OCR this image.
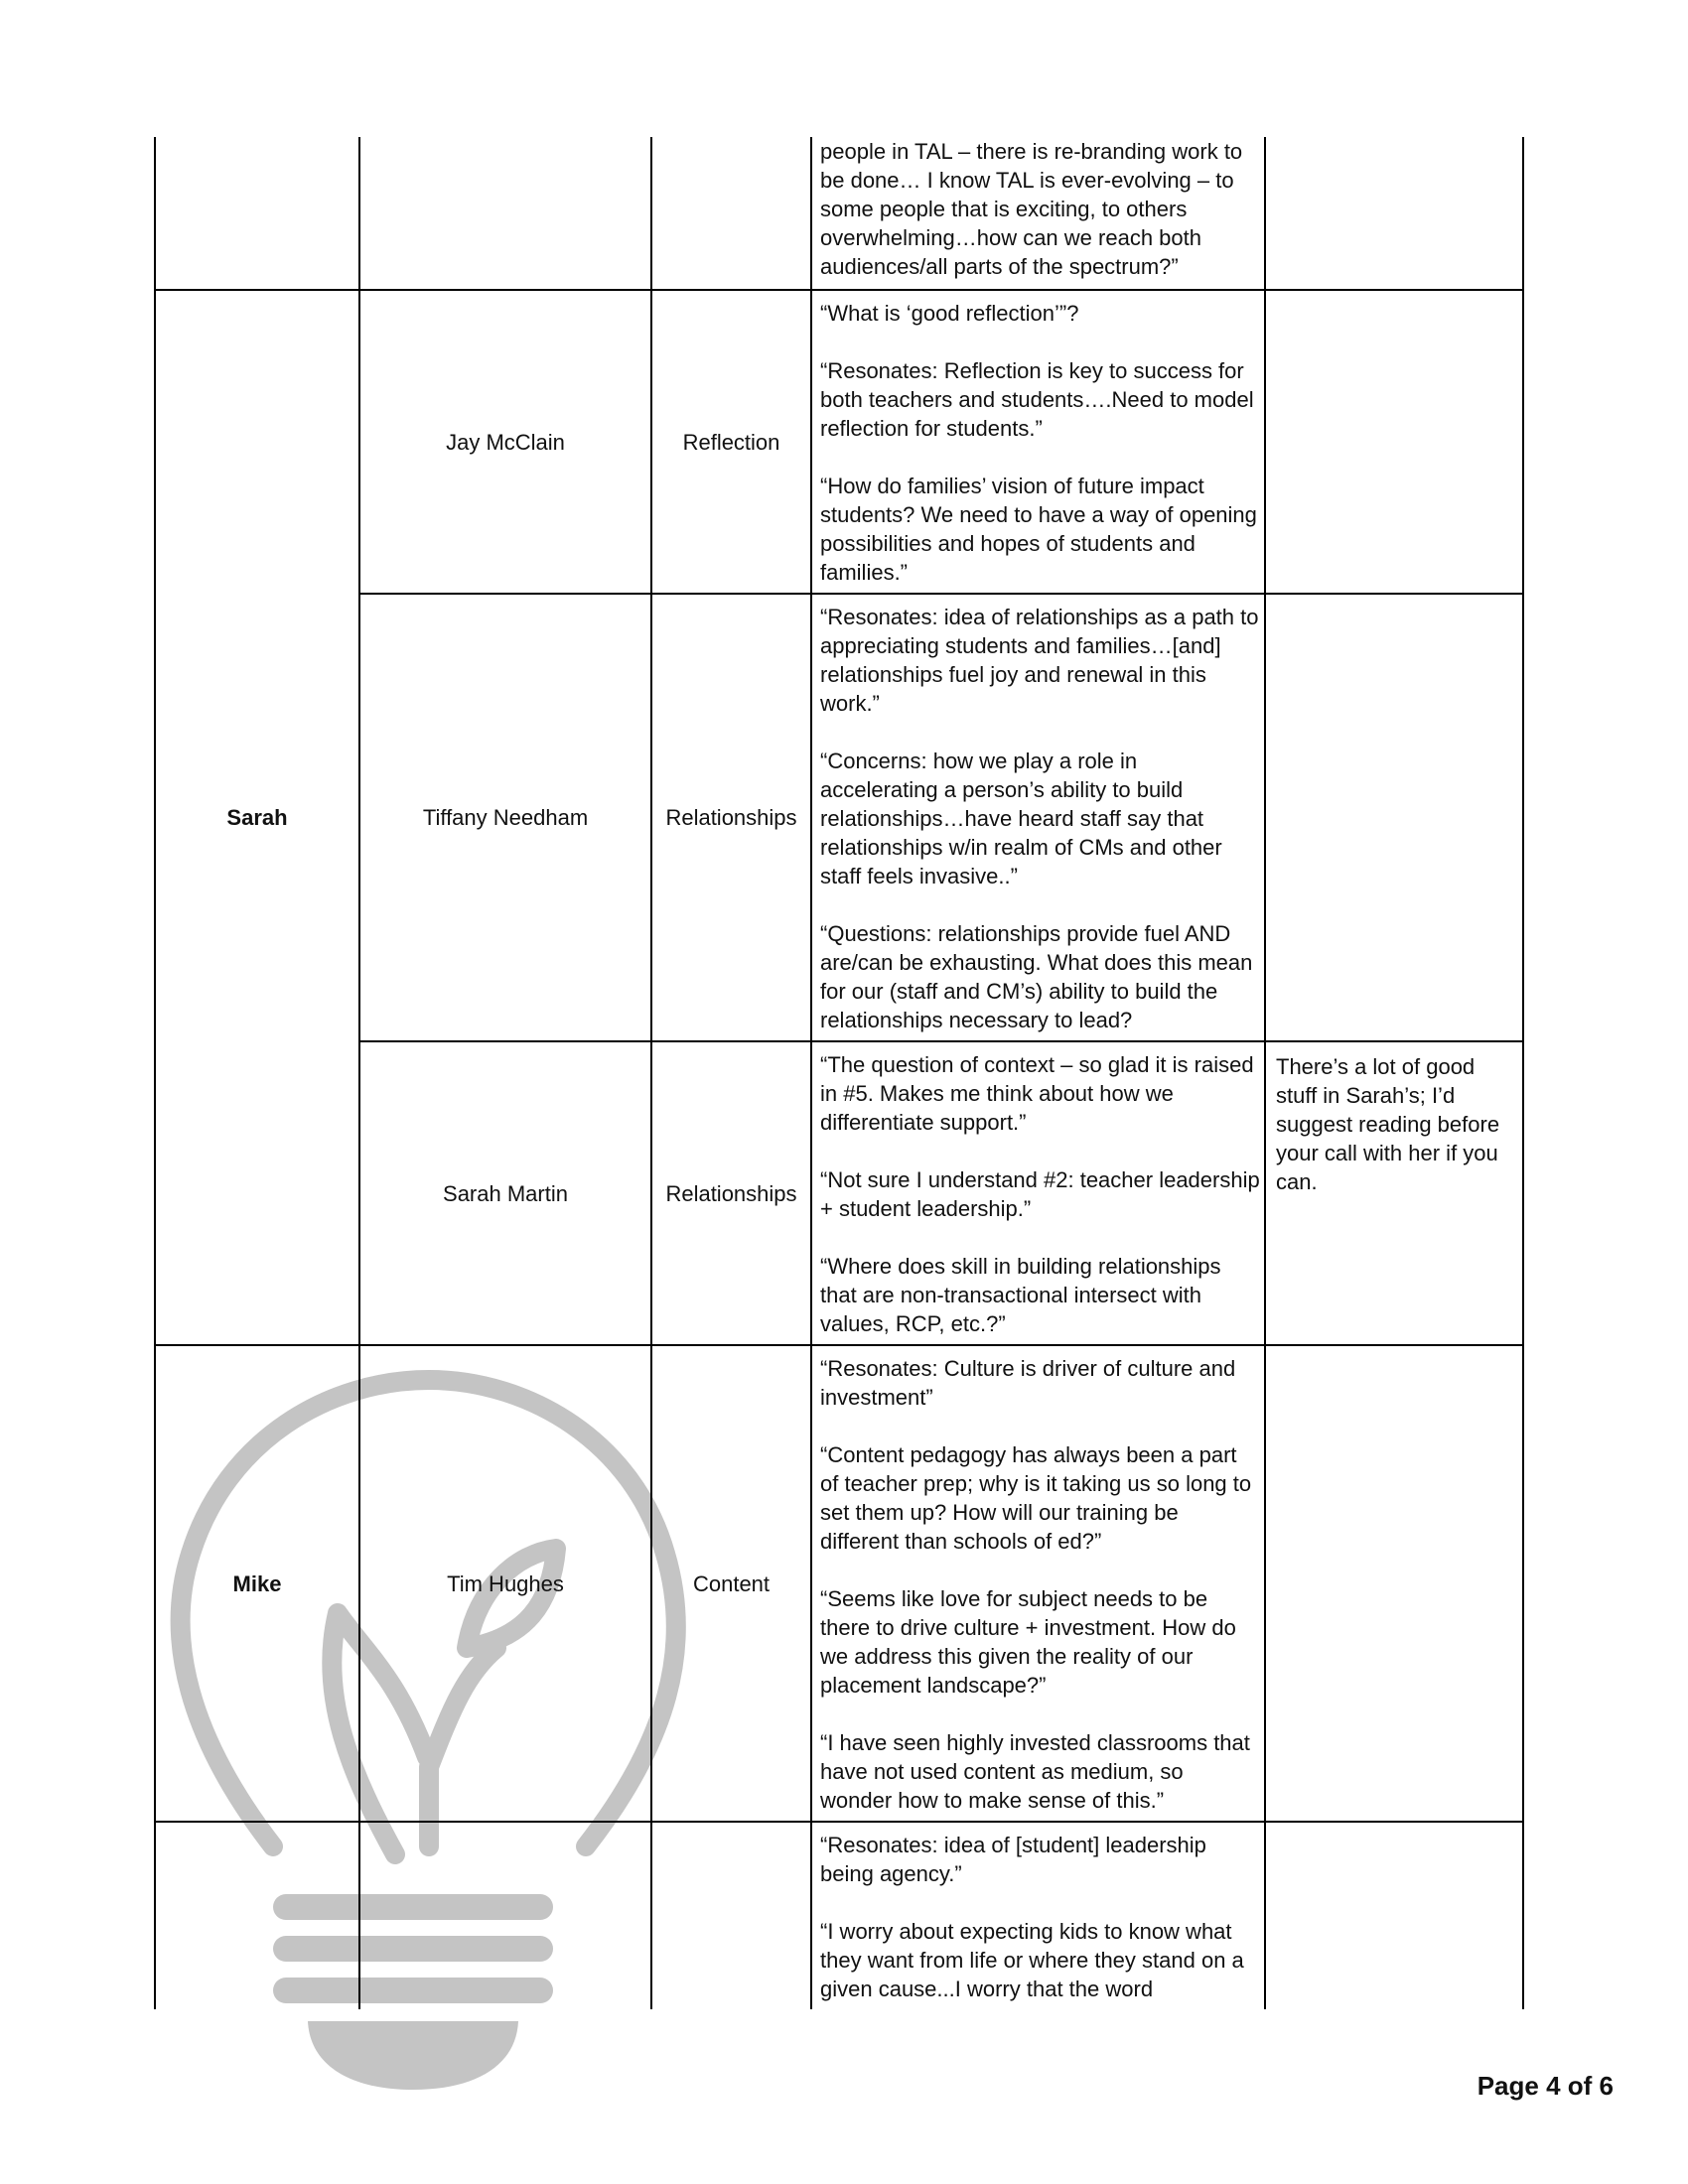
			people in TAL – there is re-branding work to be done… I know TAL is ever-evolving – to some people that is exciting, to others overwhelming…how can we reach both audiences/all parts of the spectrum?”	

Sarah	Jay McClain	Reflection	“What is ‘good reflection’”?

“Resonates: Reflection is key to success for both teachers and students….Need to model reflection for students.”

“How do families’ vision of future impact students? We need to have a way of opening possibilities and hopes of students and families.”	

	Tiffany Needham	Relationships	“Resonates: idea of relationships as a path to appreciating students and families…[and] relationships fuel joy and renewal in this work.”

“Concerns: how we play a role in accelerating a person’s ability to build relationships…have heard staff say that relationships w/in realm of CMs and other staff feels invasive..”

“Questions: relationships provide fuel AND are/can be exhausting. What does this mean for our (staff and CM’s) ability to build the relationships necessary to lead?	

	Sarah Martin	Relationships	“The question of context – so glad it is raised in #5. Makes me think about how we differentiate support.”

“Not sure I understand #2: teacher leadership + student leadership.”

“Where does skill in building relationships that are non-transactional intersect with values, RCP, etc.?”	There’s a lot of good stuff in Sarah’s; I’d suggest reading before your call with her if you can.

Mike	Tim Hughes	Content	“Resonates: Culture is driver of culture and investment”

“Content pedagogy has always been a part of teacher prep; why is it taking us so long to set them up? How will our training be different than schools of ed?”

“Seems like love for subject needs to be there to drive culture + investment. How do we address this given the reality of our placement landscape?”

“I have seen highly invested classrooms that have not used content as medium, so wonder how to make sense of this.”	

			“Resonates: idea of [student] leadership being agency.”

“I worry about expecting kids to know what they want from life or where they stand on a given cause...I worry that the word	

Page 4 of 6
